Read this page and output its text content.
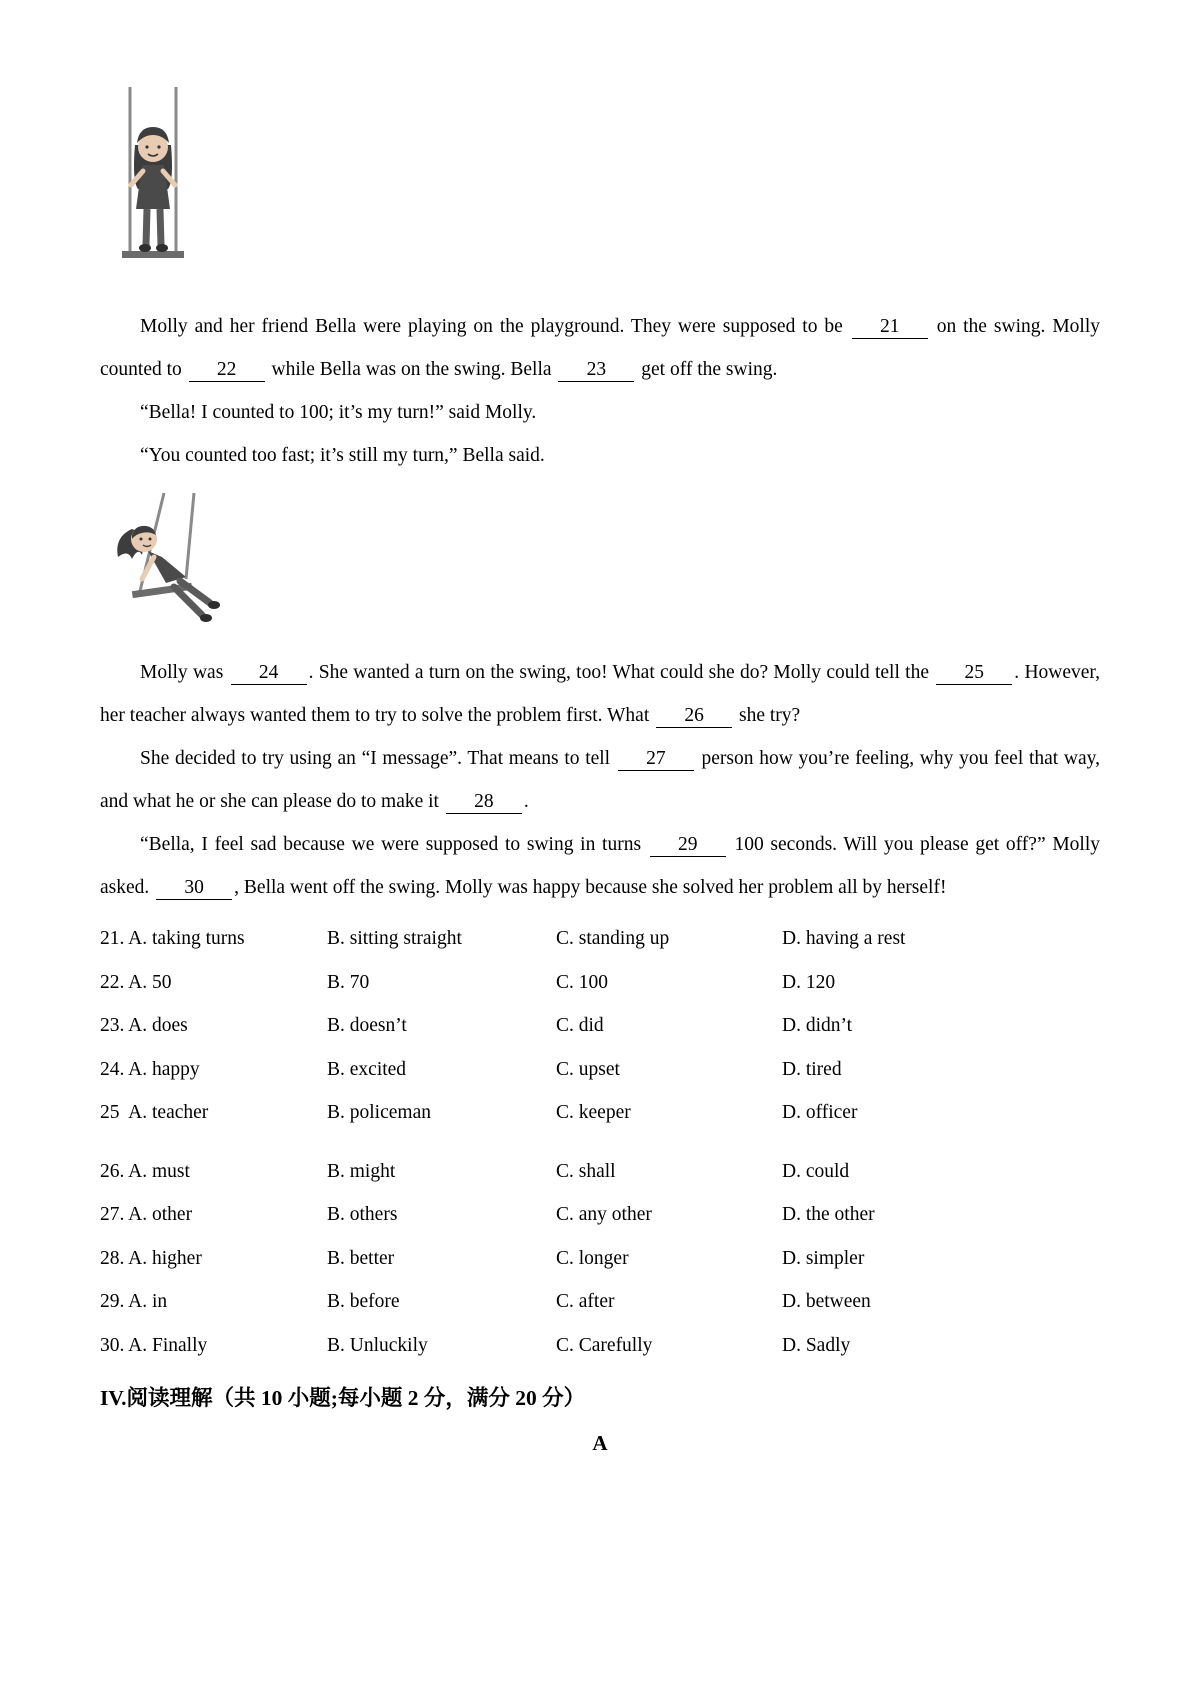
Molly and her friend Bella were playing on the playground. They were supposed to be 21 on the swing. Molly counted to 22 while Bella was on the swing. Bella 23 get off the swing.

“Bella! I counted to 100; it’s my turn!” said Molly.

“You counted too fast; it’s still my turn,” Bella said.

Molly was 24 . She wanted a turn on the swing, too! What could she do? Molly could tell the 25 . However, her teacher always wanted them to try to solve the problem first. What 26 she try?

She decided to try using an “I message”. That means to tell 27 person how you’re feeling, why you feel that way, and what he or she can please do to make it 28 .

“Bella, I feel sad because we were supposed to swing in turns 29 100 seconds. Will you please get off?” Molly asked. 30 , Bella went off the swing. Molly was happy because she solved her problem all by herself!

21. A. taking turns	B. sitting straight	C. standing up	D. having a rest
22. A. 50	B. 70	C. 100	D. 120
23. A. does	B. doesn’t	C. did	D. didn’t
24. A. happy	B. excited	C. upset	D. tired
25  A. teacher	B. policeman	C. keeper	D. officer
26. A. must	B. might	C. shall	D. could
27. A. other	B. others	C. any other	D. the other
28. A. higher	B. better	C. longer	D. simpler
29. A. in	B. before	C. after	D. between
30. A. Finally	B. Unluckily	C. Carefully	D. Sadly
IV.阅读理解（共 10 小题;每小题 2 分，满分 20 分）
A
